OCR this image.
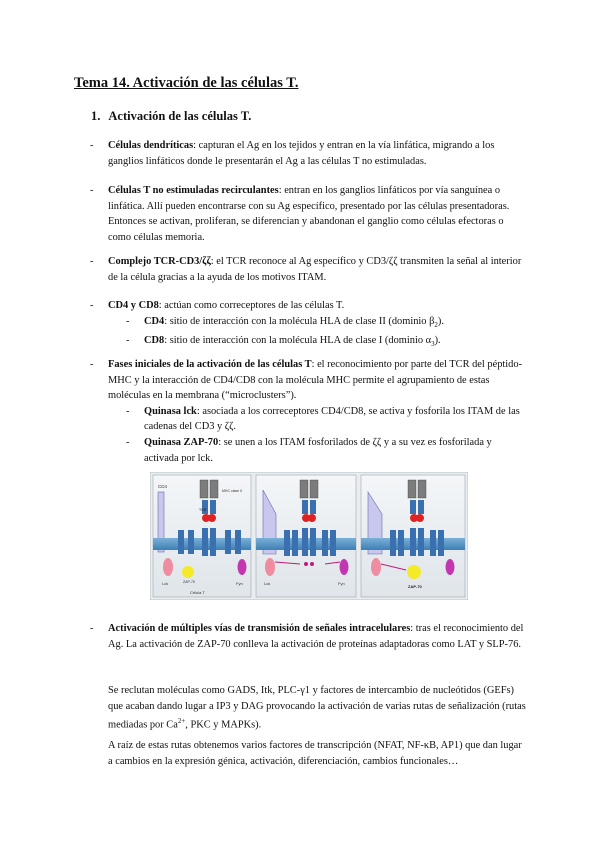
Tema 14. Activación de las células T.
1. Activación de las células T.
- Células dendríticas: capturan el Ag en los tejidos y entran en la vía linfática, migrando a los ganglios linfáticos donde le presentarán el Ag a las células T no estimuladas.
- Células T no estimuladas recirculantes: entran en los ganglios linfáticos por vía sanguínea o linfática. Allí pueden encontrarse con su Ag específico, presentado por las células presentadoras. Entonces se activan, proliferan, se diferencian y abandonan el ganglio como células efectoras o como células memoria.
- Complejo TCR-CD3/ζζ: el TCR reconoce al Ag específico y CD3/ζζ transmiten la señal al interior de la célula gracias a la ayuda de los motivos ITAM.
- CD4 y CD8: actúan como correceptores de las células T.
- CD4: sitio de interacción con la molécula HLA de clase II (dominio $\beta_2$).
- CD8: sitio de interacción con la molécula HLA de clase I (dominio $\alpha_3$).
- Fases iniciales de la activación de las células T: el reconocimiento por parte del TCR del péptido-MHC y la interacción de CD4/CD8 con la molécula MHC permite el agrupamiento de estas moléculas en la membrana (“microclusters”).
- Quinasa lck: asociada a los correceptores CD4/CD8, se activa y fosforila los ITAM de las cadenas del CD3 y ζζ.
- Quinasa ZAP-70: se unen a los ITAM fosforilados de ζζ y a su vez es fosforilada y activada por lck.
CD4
MHC clase II
TCR
Lck	ZAP-70
Célula T
Fyn	Lck	Fyn
ZAP-70
- Activación de múltiples vías de transmisión de señales intracelulares: tras el reconocimiento del Ag. La activación de ZAP-70 conlleva la activación de proteínas adaptadoras como LAT y SLP-76.
Se reclutan moléculas como GADS, Itk, PLC-γ1 y factores de intercambio de nucleótidos (GEFs) que acaban dando lugar a IP3 y DAG provocando la activación de varias rutas de señalización (rutas mediadas por $Ca^{2+}$, PKC y MAPKs).
A raíz de estas rutas obtenemos varios factores de transcripción (NFAT, NF-κB, AP1) que dan lugar a cambios en la expresión génica, activación, diferenciación, cambios funcionales…
